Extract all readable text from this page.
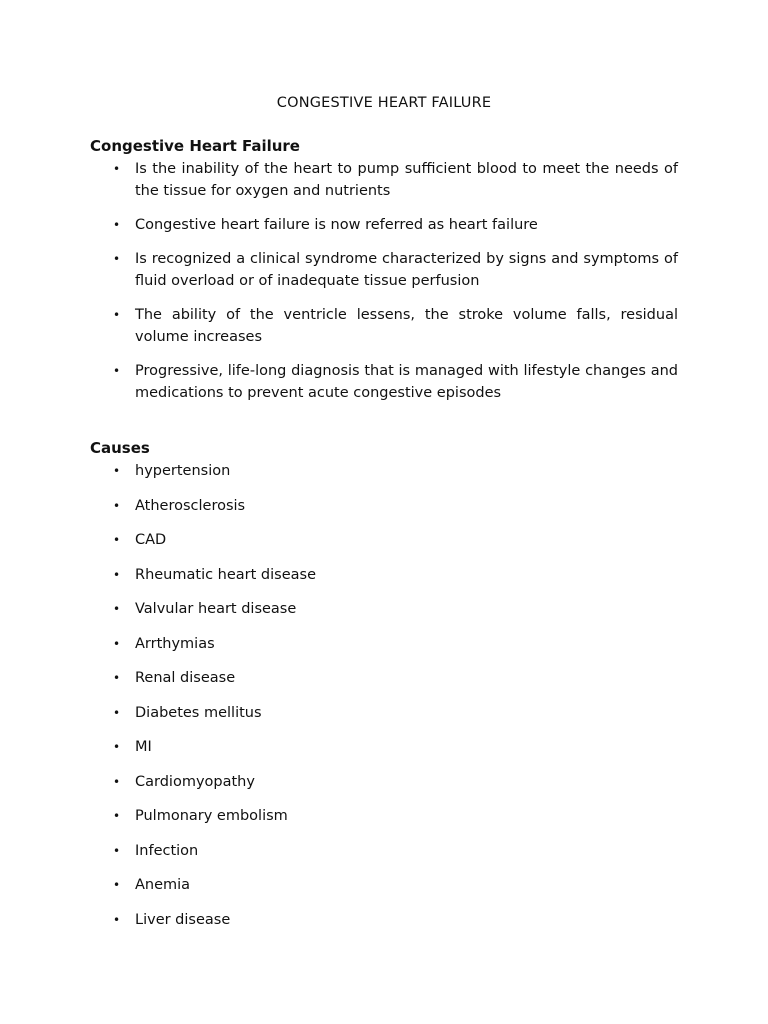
CONGESTIVE HEART FAILURE
Congestive Heart Failure
• Is the inability of the heart to pump sufficient blood to meet the needs of the tissue for oxygen and nutrients
• Congestive heart failure is now referred as heart failure
• Is recognized a clinical syndrome characterized by signs and symptoms of fluid overload or of inadequate tissue perfusion
• The ability of the ventricle lessens, the stroke volume falls, residual volume increases
• Progressive, life-long diagnosis that is managed with lifestyle changes and medications to prevent acute congestive episodes
Causes
• hypertension
• Atherosclerosis
• CAD
• Rheumatic heart disease
• Valvular heart disease
• Arrthymias
• Renal disease
• Diabetes mellitus
• MI
• Cardiomyopathy
• Pulmonary embolism
• Infection
• Anemia
• Liver disease
